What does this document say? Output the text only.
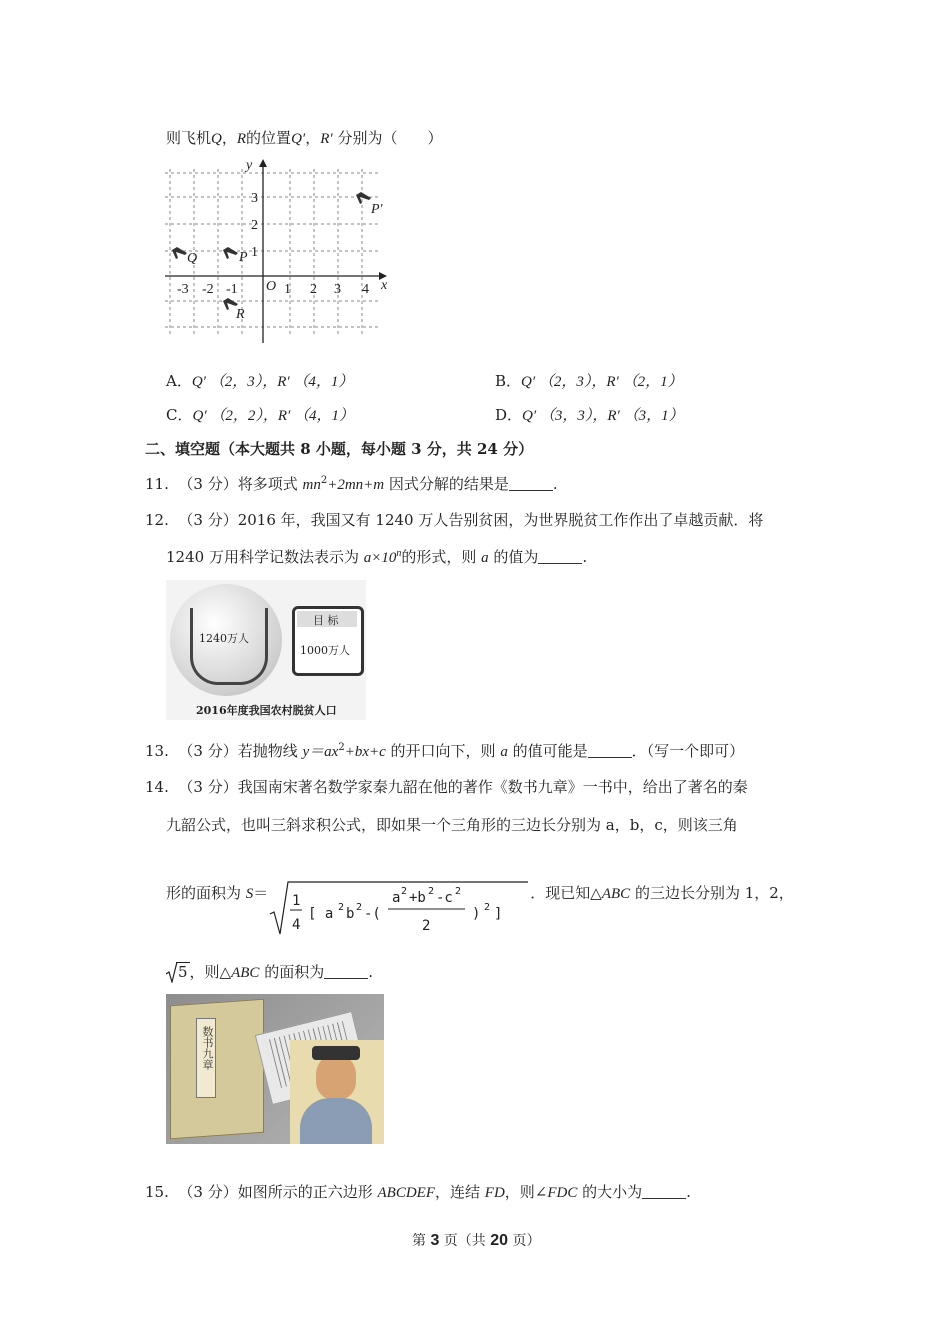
则飞机Q，R的位置Q′，R′ 分别为（　　）
y
x
O
-3 -2 -1	1 2 3 4
1
2
3
Q	P
R
P′
A．Q′ （2，3），R′ （4，1）	B．Q′ （2，3），R′ （2，1）
C．Q′ （2，2），R′ （4，1）	D．Q′ （3，3），R′ （3，1）
二、填空题（本大题共 8 小题，每小题 3 分，共 24 分）
11. （3 分）将多项式 $mn^2+2mn+m$ 因式分解的结果是	.
12. （3 分）2016 年，我国又有 1240 万人告别贫困，为世界脱贫工作作出了卓越贡献．将
1240 万用科学记数法表示为 $a\times 10^n$的形式，则 a 的值为	.
1240万人
目 标
1000万人
2016年度我国农村脱贫人口
13. （3 分）若抛物线 $y=ax^2+bx+c$ 的开口向下，则 a 的值可能是	．（写一个即可）
14. （3 分）我国南宋著名数学家秦九韶在他的著作《数书九章》一书中，给出了著名的秦
九韶公式，也叫三斜求积公式，即如果一个三角形的三边长分别为 a，b，c，则该三角
形的面积为 S＝ 1
4
[ a 2 b 2 -(
a 2 +b 2 -c 2
2
) 2 ]
．现已知△ABC 的三边长分别为 1，2，
5 ，则△ABC 的面积为	.
数书九章
15. （3 分）如图所示的正六边形 ABCDEF，连结 FD，则∠FDC 的大小为	.
第 3 页（共 20 页）
